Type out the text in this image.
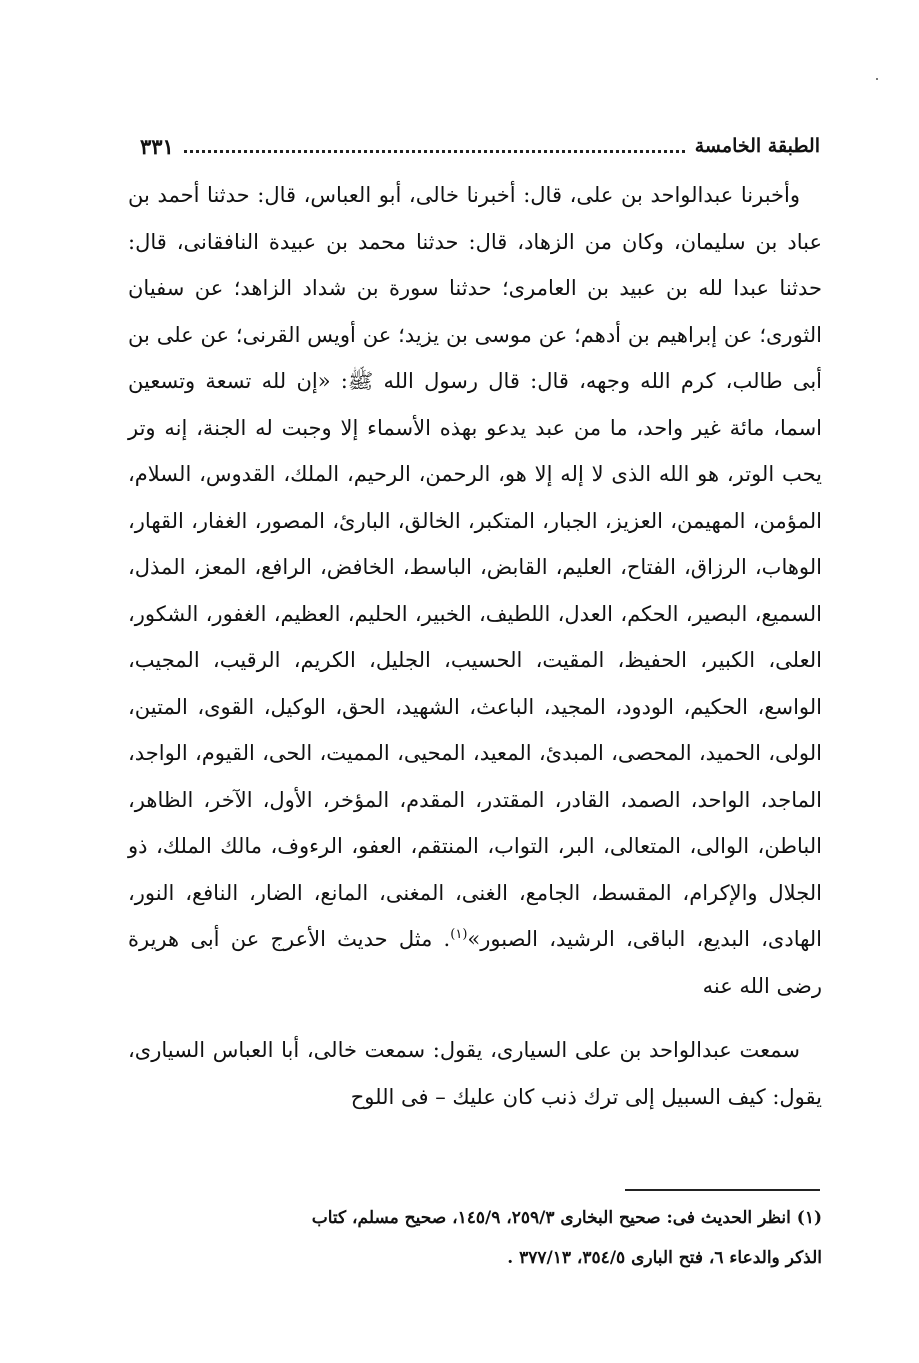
الطبقة الخامسة
٣٣١

وأخبرنا عبدالواحد بن على، قال: أخبرنا خالى، أبو العباس، قال: حدثنا أحمد بن عباد بن سليمان، وكان من الزهاد، قال: حدثنا محمد بن عبيدة النافقانى، قال: حدثنا عبدا لله بن عبيد بن العامرى؛ حدثنا سورة بن شداد الزاهد؛ عن سفيان الثورى؛ عن إبراهيم بن أدهم؛ عن موسى بن يزيد؛ عن أويس القرنى؛ عن على بن أبى طالب، كرم الله وجهه، قال: قال رسول الله ﷺ: «إن لله تسعة وتسعين اسما، مائة غير واحد، ما من عبد يدعو بهذه الأسماء إلا وجبت له الجنة، إنه وتر يحب الوتر، هو الله الذى لا إله إلا هو، الرحمن، الرحيم، الملك، القدوس، السلام، المؤمن، المهيمن، العزيز، الجبار، المتكبر، الخالق، البارئ، المصور، الغفار، القهار، الوهاب، الرزاق، الفتاح، العليم، القابض، الباسط، الخافض، الرافع، المعز، المذل، السميع، البصير، الحكم، العدل، اللطيف، الخبير، الحليم، العظيم، الغفور، الشكور، العلى، الكبير، الحفيظ، المقيت، الحسيب، الجليل، الكريم، الرقيب، المجيب، الواسع، الحكيم، الودود، المجيد، الباعث، الشهيد، الحق، الوكيل، القوى، المتين، الولى، الحميد، المحصى، المبدئ، المعيد، المحيى، المميت، الحى، القيوم، الواجد، الماجد، الواحد، الصمد، القادر، المقتدر، المقدم، المؤخر، الأول، الآخر، الظاهر، الباطن، الوالى، المتعالى، البر، التواب، المنتقم، العفو، الرءوف، مالك الملك، ذو الجلال والإكرام، المقسط، الجامع، الغنى، المغنى، المانع، الضار، النافع، النور، الهادى، البديع، الباقى، الرشيد، الصبور»$^{(١)}$. مثل حديث الأعرج عن أبى هريرة رضى الله عنه

سمعت عبدالواحد بن على السيارى، يقول: سمعت خالى، أبا العباس السيارى، يقول: كيف السبيل إلى ترك ذنب كان عليك – فى اللوح

(١) انظر الحديث فى: صحيح البخارى ٢٥٩/٣، ١٤٥/٩، صحيح مسلم، كتاب

الذكر والدعاء ٦، فتح البارى ٣٥٤/٥، ٣٧٧/١٣ .
